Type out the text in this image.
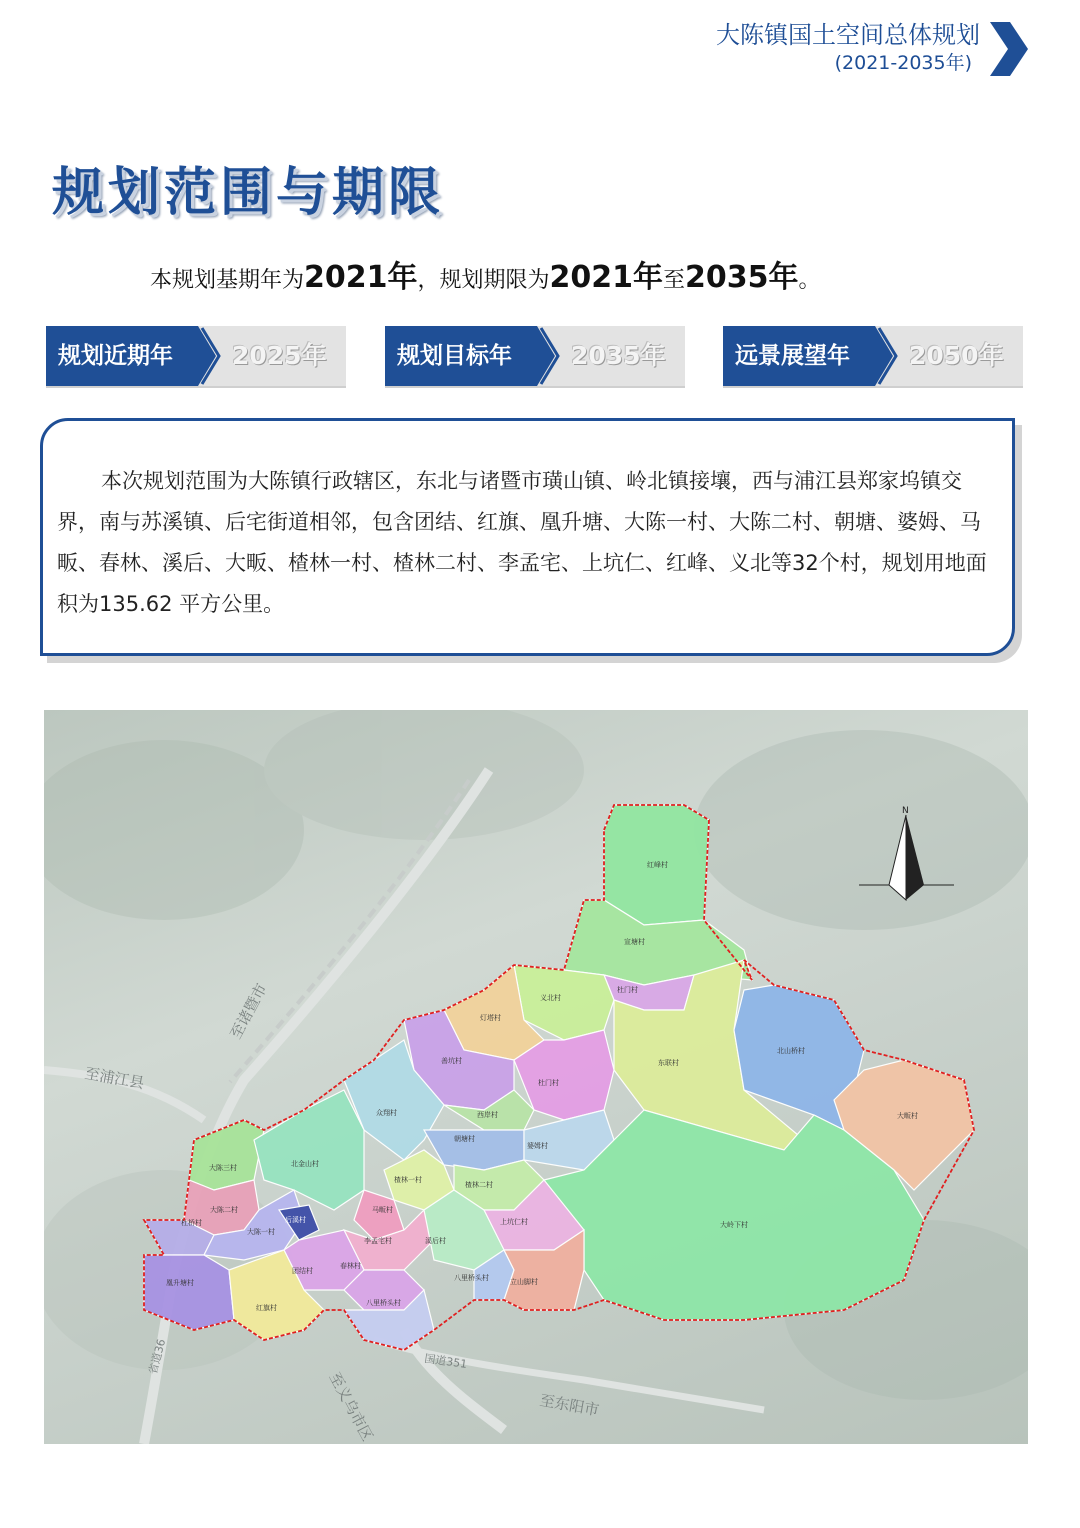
大陈镇国土空间总体规划
(2021-2035年)
规划范围与期限
本规划基期年为2021年，规划期限为2021年至2035年。
规划近期年	2025年	规划目标年	2035年	远景展望年	2050年
本次规划范围为大陈镇行政辖区，东北与诸暨市璜山镇、岭北镇接壤，西与浦江县郑家坞镇交界，南与苏溪镇、后宅街道相邻，包含团结、红旗、凰升塘、大陈一村、大陈二村、朝塘、婆姆、马畈、春林、溪后、大畈、楂林一村、楂林二村、李孟宅、上坑仁、红峰、义北等32个村，规划用地面积为135.62 平方公里。
至诸暨市
至浦江县
至义乌市区	至东阳市
国道351
省道36
红峰村
宣塘村
杜门村
义北村
灯塔村
东联村
北山桥村
善坑村
杜门村
大畈村
众翔村	西岸村
朝塘村
婆姆村
大陈三村	北金山村
楂林一村
楂林二村
大陈二村
杜桥村
大陈一村
后溪村
马畈村
上坑仁村	大岭下村
李孟宅村	溪后村
凰升塘村
团结村
春林村
八里桥头村	立山脚村
红旗村
八里桥头村
N
